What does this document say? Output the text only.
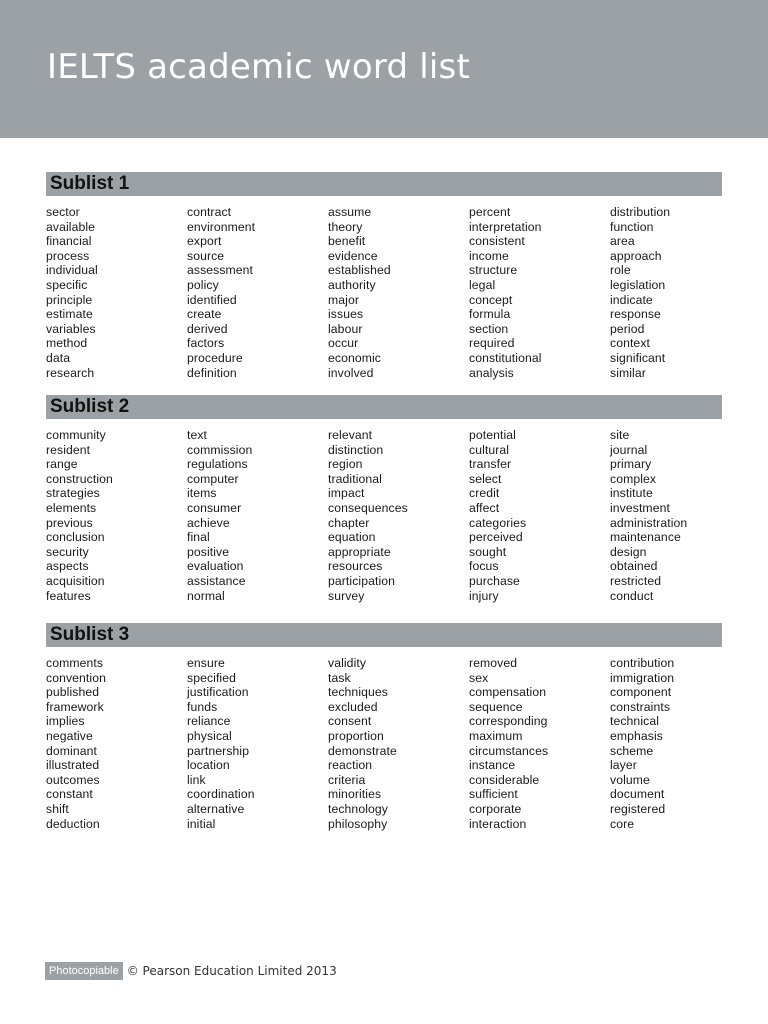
IELTS academic word list
Sublist 1
sector
available
financial
process
individual
specific
principle
estimate
variables
method
data
research
contract
environment
export
source
assessment
policy
identified
create
derived
factors
procedure
definition
assume
theory
benefit
evidence
established
authority
major
issues
labour
occur
economic
involved
percent
interpretation
consistent
income
structure
legal
concept
formula
section
required
constitutional
analysis
distribution
function
area
approach
role
legislation
indicate
response
period
context
significant
similar
Sublist 2
community
resident
range
construction
strategies
elements
previous
conclusion
security
aspects
acquisition
features
text
commission
regulations
computer
items
consumer
achieve
final
positive
evaluation
assistance
normal
relevant
distinction
region
traditional
impact
consequences
chapter
equation
appropriate
resources
participation
survey
potential
cultural
transfer
select
credit
affect
categories
perceived
sought
focus
purchase
injury
site
journal
primary
complex
institute
investment
administration
maintenance
design
obtained
restricted
conduct
Sublist 3
comments
convention
published
framework
implies
negative
dominant
illustrated
outcomes
constant
shift
deduction
ensure
specified
justification
funds
reliance
physical
partnership
location
link
coordination
alternative
initial
validity
task
techniques
excluded
consent
proportion
demonstrate
reaction
criteria
minorities
technology
philosophy
removed
sex
compensation
sequence
corresponding
maximum
circumstances
instance
considerable
sufficient
corporate
interaction
contribution
immigration
component
constraints
technical
emphasis
scheme
layer
volume
document
registered
core
Photocopiable © Pearson Education Limited 2013
